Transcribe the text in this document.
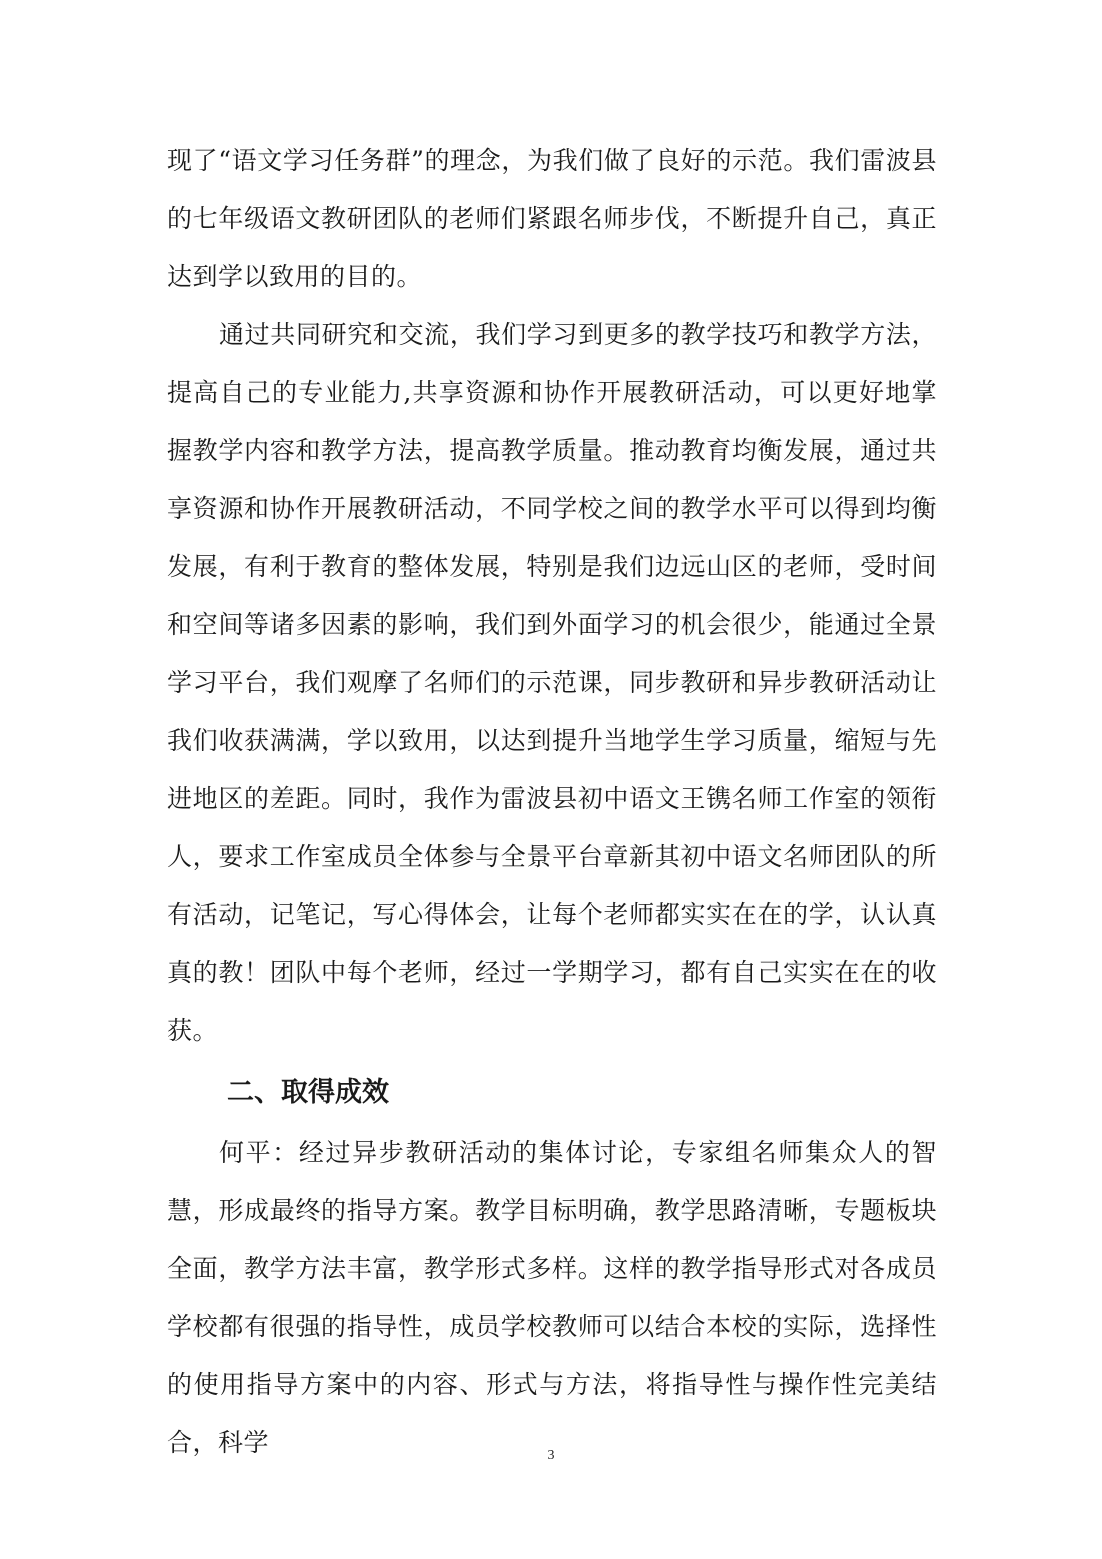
现了“语文学习任务群”的理念，为我们做了良好的示范。我们雷波县的七年级语文教研团队的老师们紧跟名师步伐，不断提升自己，真正达到学以致用的目的。

通过共同研究和交流，我们学习到更多的教学技巧和教学方法，提高自己的专业能力,共享资源和协作开展教研活动，可以更好地掌握教学内容和教学方法，提高教学质量。推动教育均衡发展，通过共享资源和协作开展教研活动，不同学校之间的教学水平可以得到均衡发展，有利于教育的整体发展，特别是我们边远山区的老师，受时间和空间等诸多因素的影响，我们到外面学习的机会很少，能通过全景学习平台，我们观摩了名师们的示范课，同步教研和异步教研活动让我们收获满满，学以致用，以达到提升当地学生学习质量，缩短与先进地区的差距。同时，我作为雷波县初中语文王镌名师工作室的领衔人，要求工作室成员全体参与全景平台章新其初中语文名师团队的所有活动，记笔记，写心得体会，让每个老师都实实在在的学，认认真真的教！团队中每个老师，经过一学期学习，都有自己实实在在的收获。

二、取得成效

何平：经过异步教研活动的集体讨论，专家组名师集众人的智慧，形成最终的指导方案。教学目标明确，教学思路清晰，专题板块全面，教学方法丰富，教学形式多样。这样的教学指导形式对各成员学校都有很强的指导性，成员学校教师可以结合本校的实际，选择性的使用指导方案中的内容、形式与方法，将指导性与操作性完美结合，科学	3
